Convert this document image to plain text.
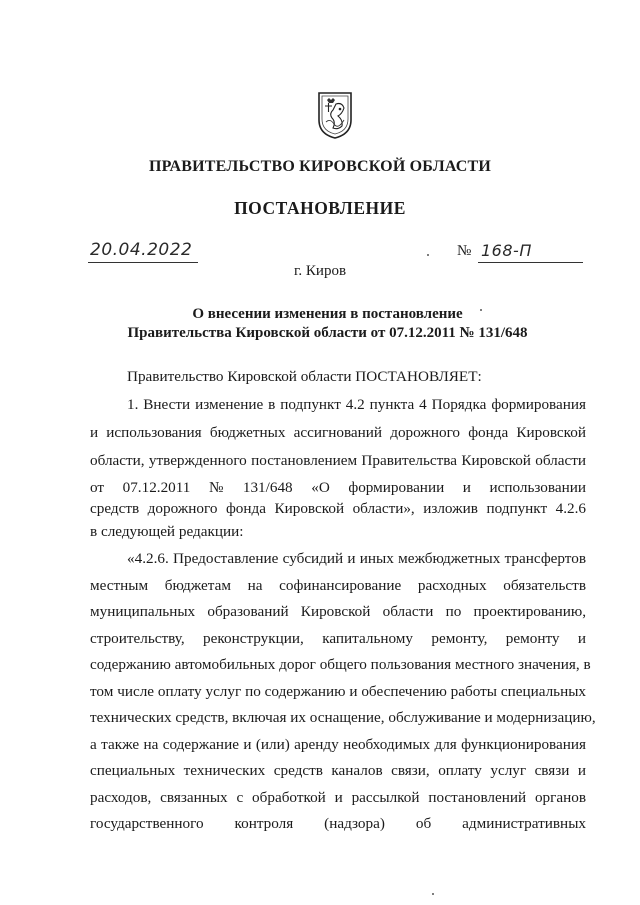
ПРАВИТЕЛЬСТВО КИРОВСКОЙ ОБЛАСТИ
ПОСТАНОВЛЕНИЕ
20.04.2022	№ 168-П
г. Киров
О внесении изменения в постановление
Правительства Кировской области от 07.12.2011 № 131/648
Правительство Кировской области ПОСТАНОВЛЯЕТ:
1. Внести изменение в подпункт 4.2 пункта 4 Порядка формирования
и использования бюджетных ассигнований дорожного фонда Кировской
области, утвержденного постановлением Правительства Кировской области
от 07.12.2011 № 131/648 «О формировании и использовании
средств дорожного фонда Кировской области», изложив подпункт 4.2.6
в следующей редакции:
«4.2.6. Предоставление субсидий и иных межбюджетных трансфертов
местным бюджетам на софинансирование расходных обязательств
муниципальных образований Кировской области по проектированию,
строительству, реконструкции, капитальному ремонту, ремонту и
содержанию автомобильных дорог общего пользования местного значения, в
том числе оплату услуг по содержанию и обеспечению работы специальных
технических средств, включая их оснащение, обслуживание и модернизацию,
а также на содержание и (или) аренду необходимых для функционирования
специальных технических средств каналов связи, оплату услуг связи и
расходов, связанных с обработкой и рассылкой постановлений органов
государственного контроля (надзора) об административных
